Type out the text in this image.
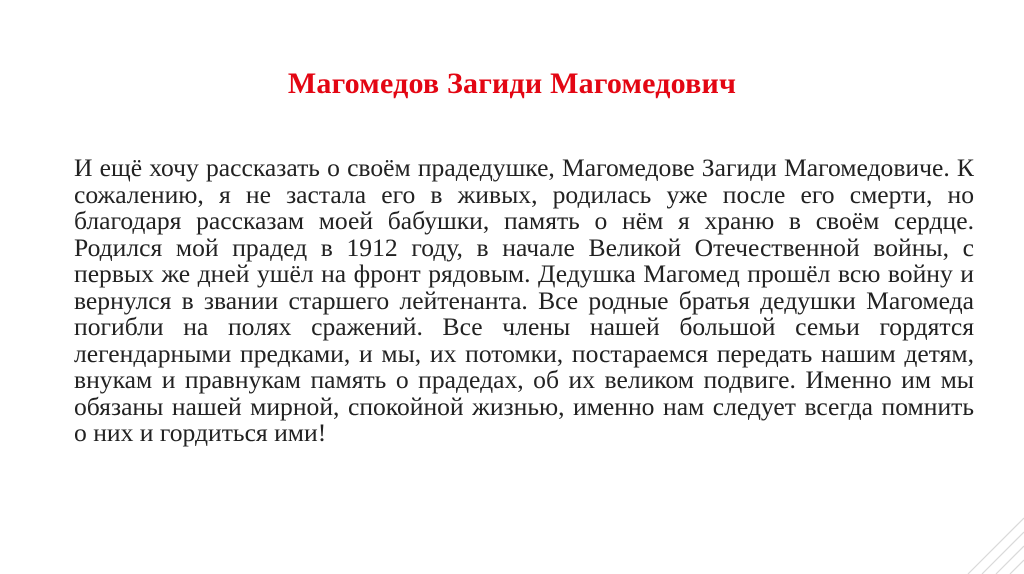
Магомедов Загиди Магомедович

И ещё хочу рассказать о своём прадедушке, Магомедове Загиди Магомедовиче. К сожалению, я не застала его в живых, родилась уже после его смерти, но благодаря рассказам моей бабушки, память о нём я храню в своём сердце. Родился мой прадед в 1912 году, в начале Великой Отечественной войны, с первых же дней ушёл на фронт рядовым. Дедушка Магомед прошёл всю войну и вернулся в звании старшего лейтенанта. Все родные братья дедушки Магомеда погибли на полях сражений. Все члены нашей большой семьи гордятся легендарными предками, и мы, их потомки, постараемся передать нашим детям, внукам и правнукам память о прадедах, об их великом подвиге. Именно им мы обязаны нашей мирной, спокойной жизнью, именно нам следует всегда помнить о них и гордиться ими!
